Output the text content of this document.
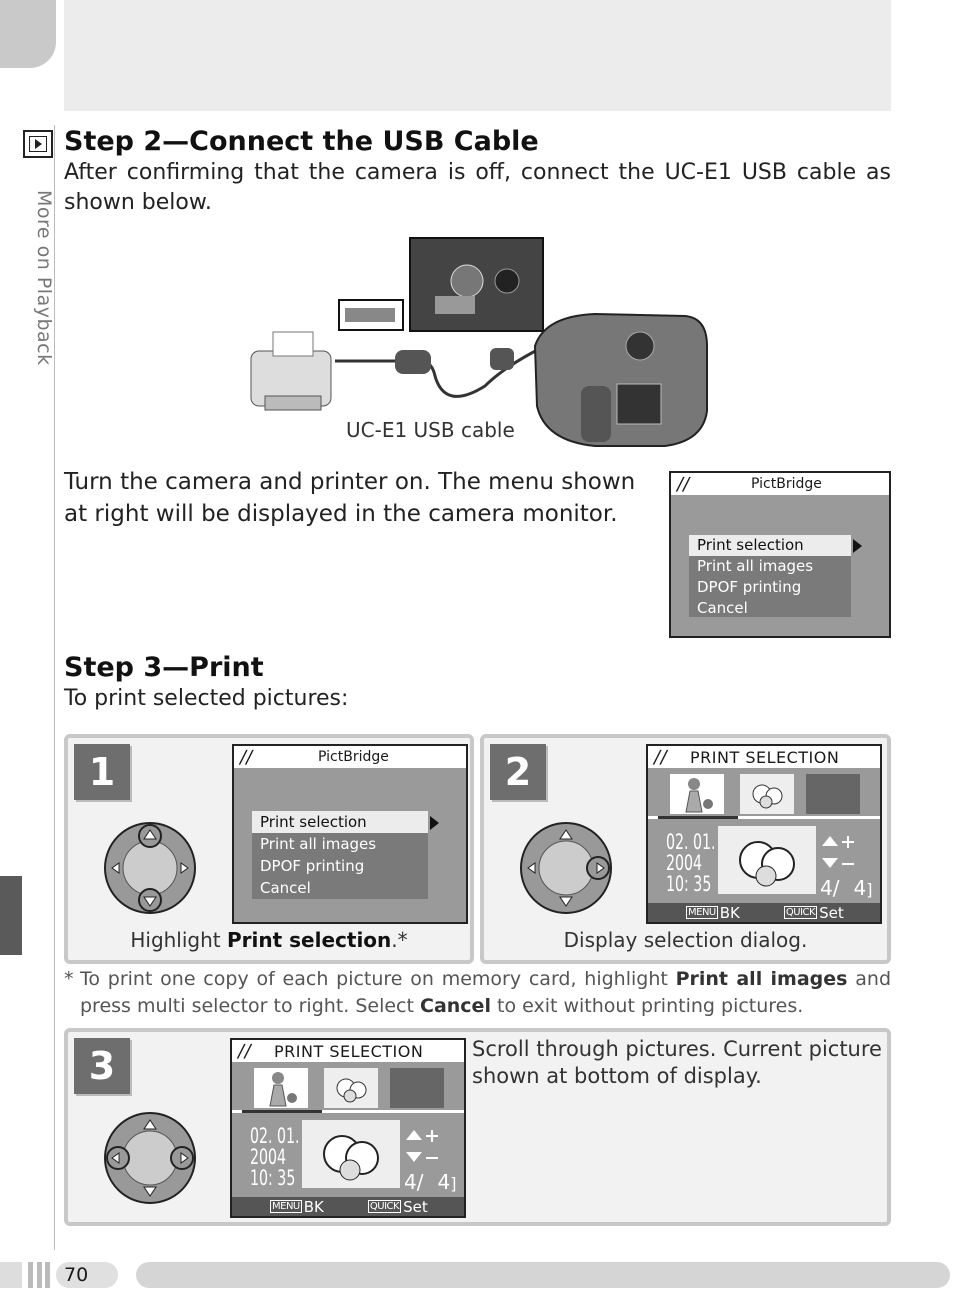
More on Playback
Step 2—Connect the USB Cable
After confirming that the camera is off, connect the UC-E1 USB cable as shown below.
UC-E1 USB cable
Turn the camera and printer on. The menu shown at right will be displayed in the camera monitor.
∕∕	PictBridge
Print selection
Print all images
DPOF printing
Cancel
Step 3—Print
To print selected pictures:
1	∕∕	PictBridge
Print selection
Print all images
DPOF printing
Cancel
Highlight Print selection.*
2	∕∕ PRINT SELECTION
02. 01.
2004
10: 35	4/ 4]
MENU BK	QUICK Set
Display selection dialog.
* To print one copy of each picture on memory card, highlight Print all images and press multi selector to right. Select Cancel to exit without printing pictures.
3	∕∕ PRINT SELECTION
02. 01.
2004
10: 35	4/ 4]
MENU BK	QUICK Set
Scroll through pictures. Current picture shown at bottom of display.
70
